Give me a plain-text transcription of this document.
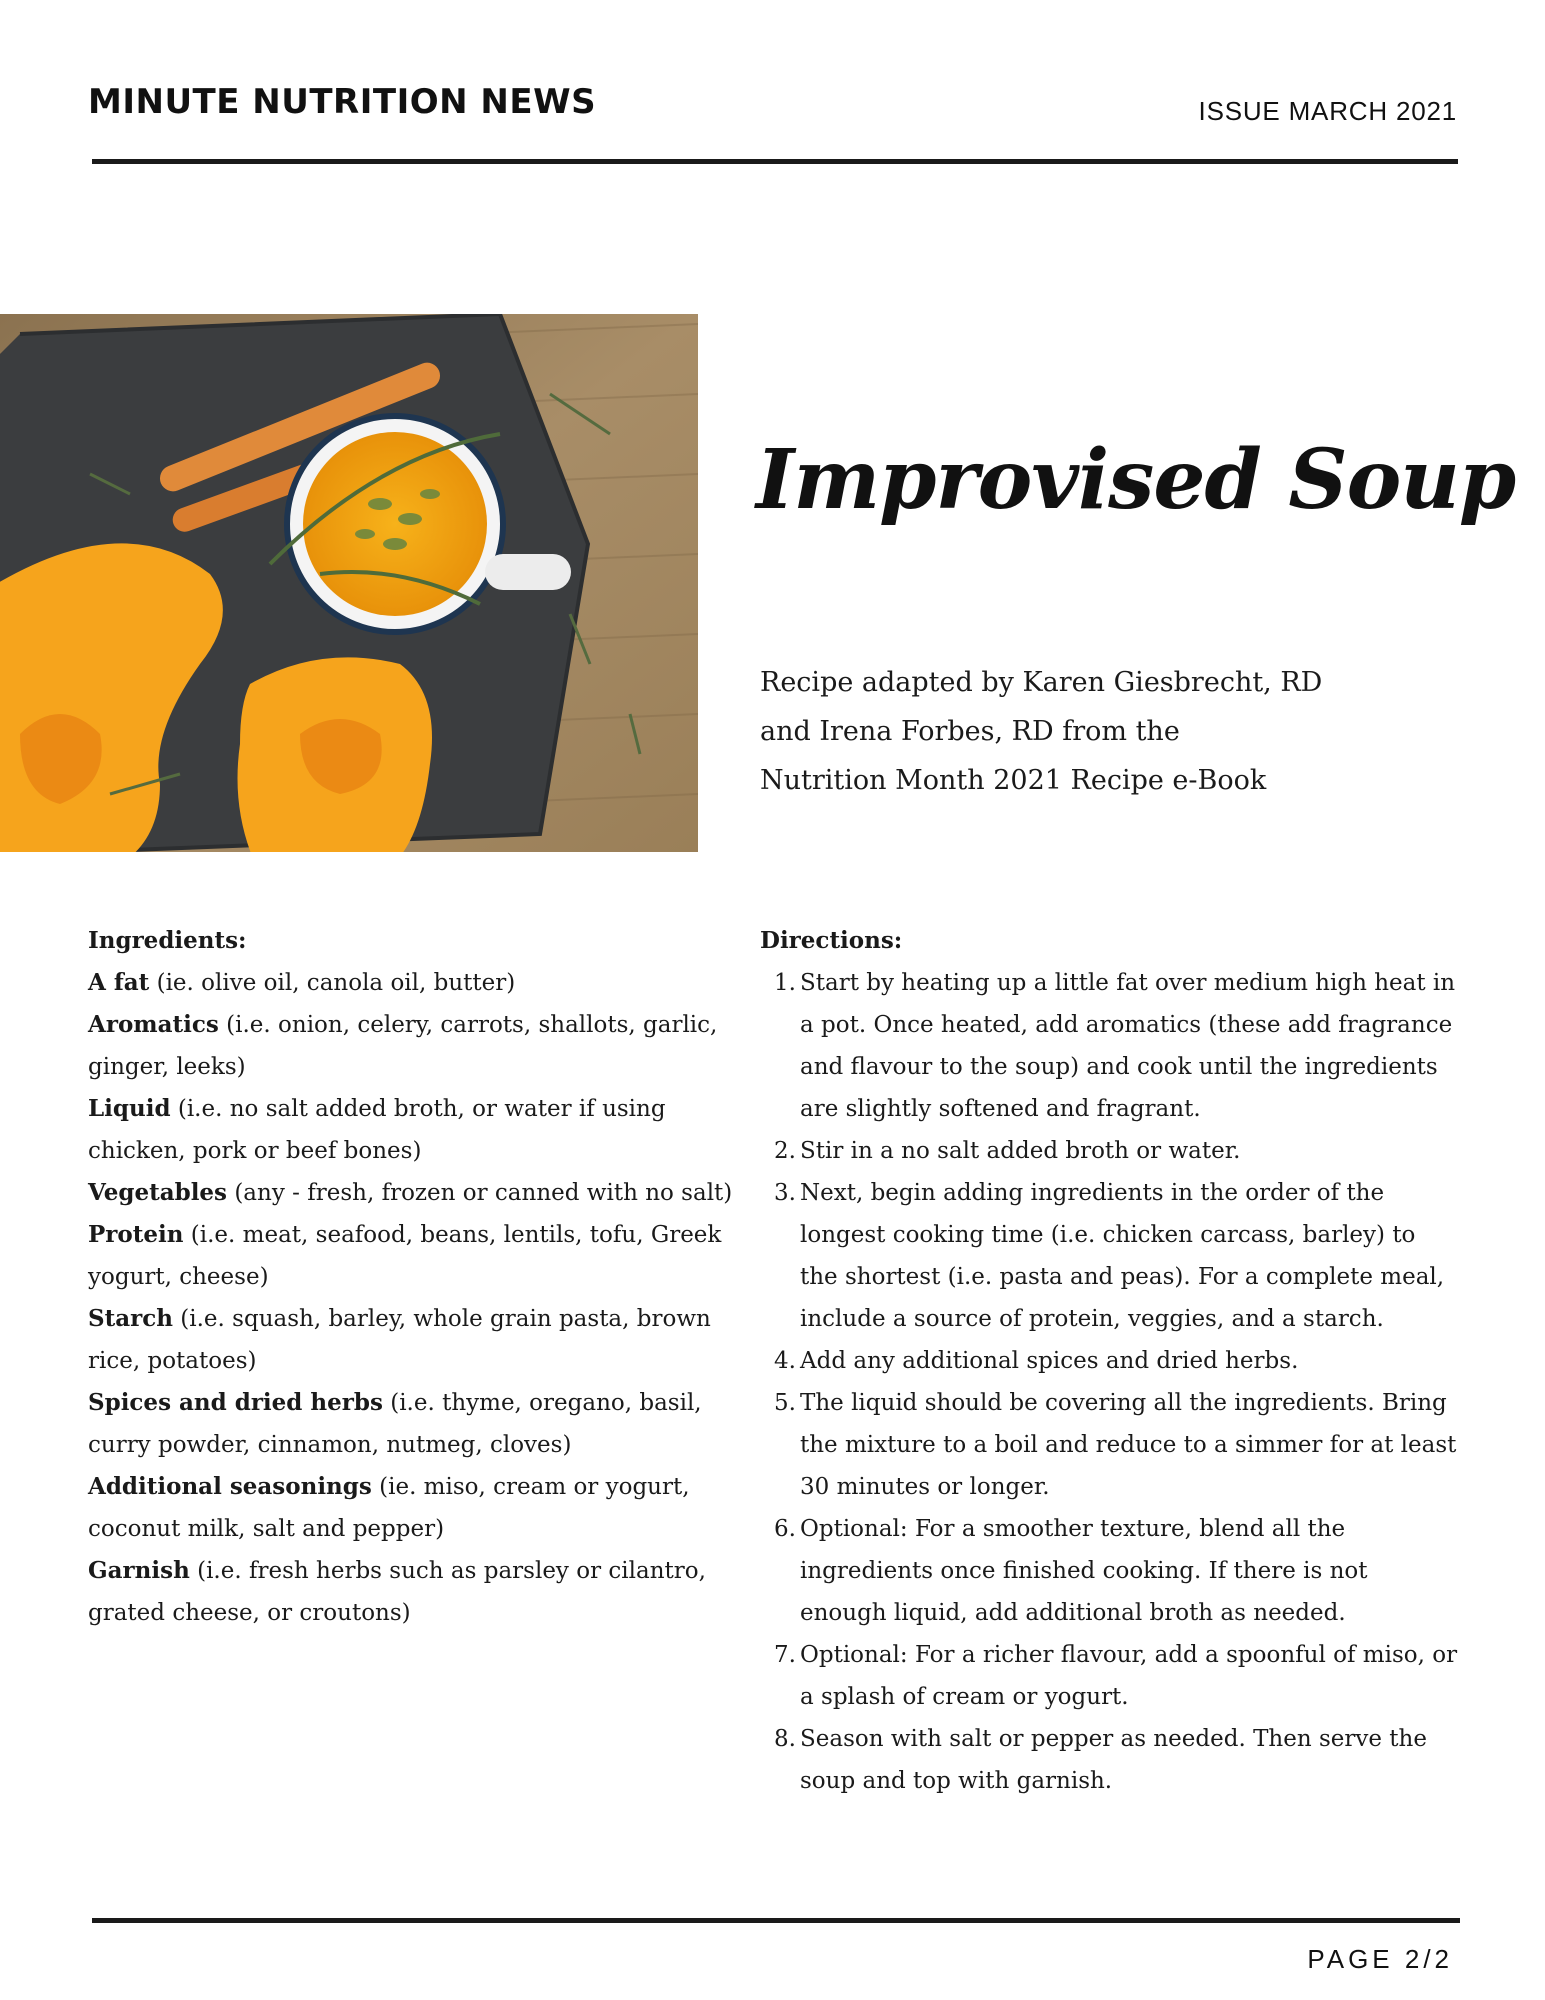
MINUTE NUTRITION NEWS	ISSUE MARCH 2021
Improvised Soup
Recipe adapted by Karen Giesbrecht, RD
and Irena Forbes, RD from the
Nutrition Month 2021 Recipe e-Book
Ingredients:
A fat (ie. olive oil, canola oil, butter)
Aromatics (i.e. onion, celery, carrots, shallots, garlic, ginger, leeks)
Liquid (i.e. no salt added broth, or water if using chicken, pork or beef bones)
Vegetables (any - fresh, frozen or canned with no salt)
Protein (i.e. meat, seafood, beans, lentils, tofu, Greek yogurt, cheese)
Starch (i.e. squash, barley, whole grain pasta, brown rice, potatoes)
Spices and dried herbs (i.e. thyme, oregano, basil, curry powder, cinnamon, nutmeg, cloves)
Additional seasonings (ie. miso, cream or yogurt, coconut milk, salt and pepper)
Garnish (i.e. fresh herbs such as parsley or cilantro, grated cheese, or croutons)
Directions:
1. Start by heating up a little fat over medium high heat in a pot. Once heated, add aromatics (these add fragrance and flavour to the soup) and cook until the ingredients are slightly softened and fragrant.
2. Stir in a no salt added broth or water.
3. Next, begin adding ingredients in the order of the longest cooking time (i.e. chicken carcass, barley) to the shortest (i.e. pasta and peas). For a complete meal, include a source of protein, veggies, and a starch.
4. Add any additional spices and dried herbs.
5. The liquid should be covering all the ingredients. Bring the mixture to a boil and reduce to a simmer for at least 30 minutes or longer.
6. Optional: For a smoother texture, blend all the ingredients once finished cooking. If there is not enough liquid, add additional broth as needed.
7. Optional: For a richer flavour, add a spoonful of miso, or a splash of cream or yogurt.
8. Season with salt or pepper as needed. Then serve the soup and top with garnish.
PAGE 2/2
